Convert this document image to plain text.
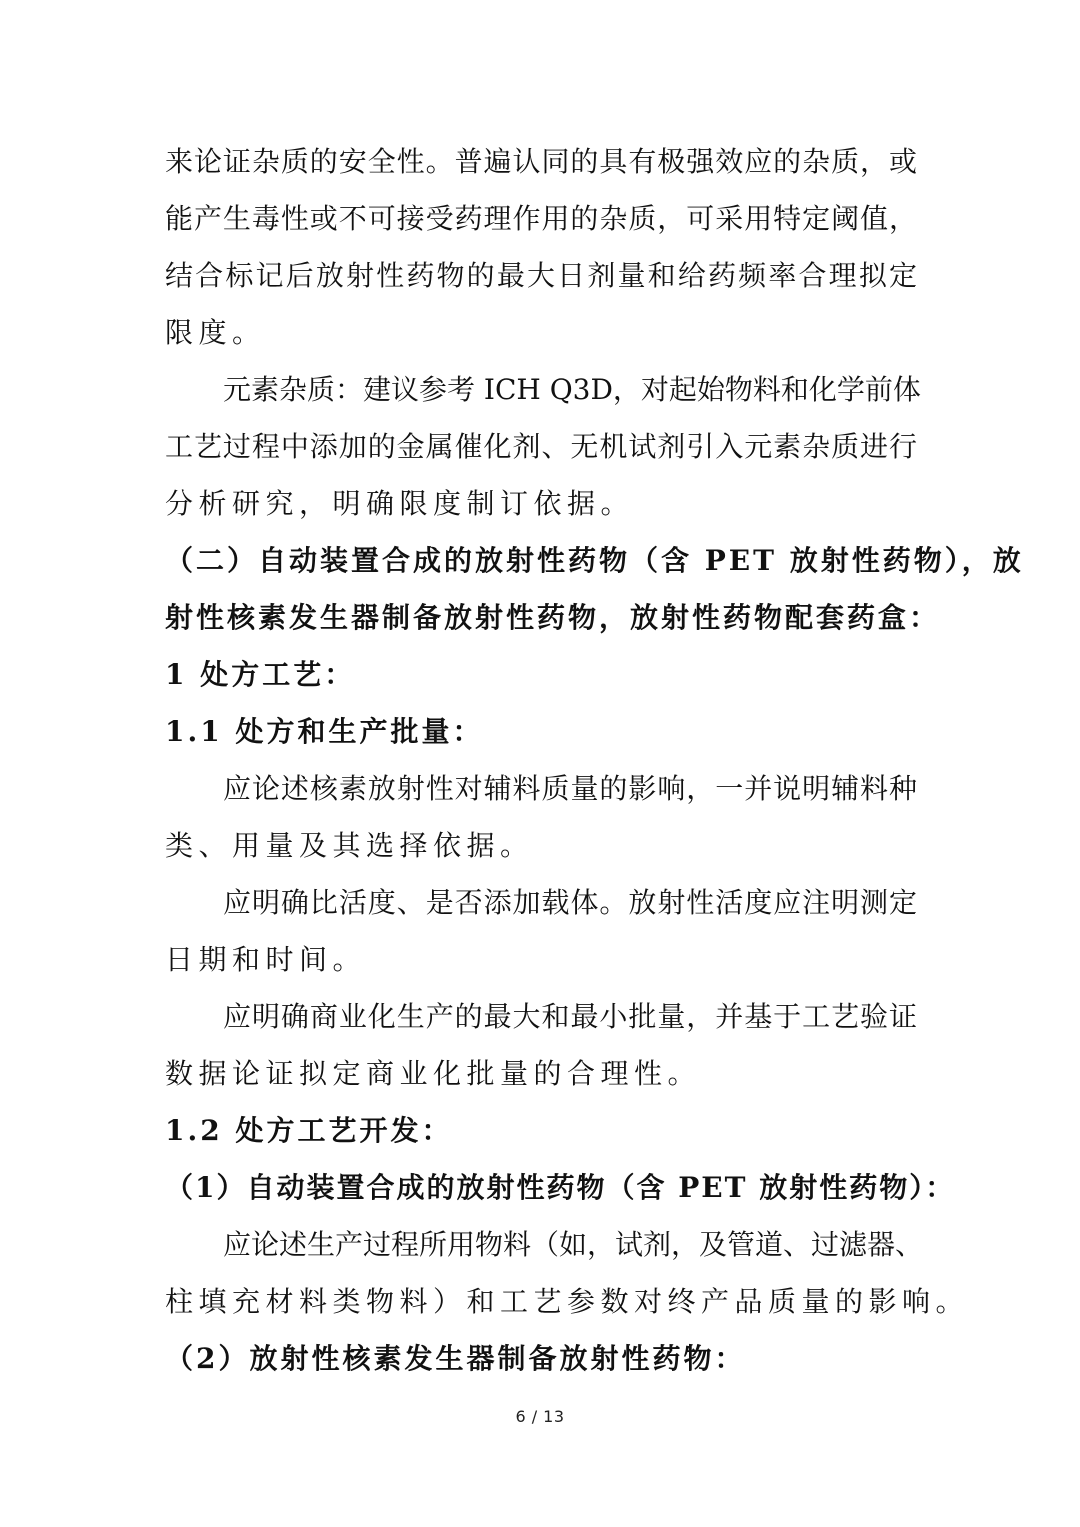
来论证杂质的安全性。普遍认同的具有极强效应的杂质，或
能产生毒性或不可接受药理作用的杂质，可采用特定阈值，
结合标记后放射性药物的最大日剂量和给药频率合理拟定
限度。
元素杂质：建议参考 ICH Q3D，对起始物料和化学前体
工艺过程中添加的金属催化剂、无机试剂引入元素杂质进行
分析研究，明确限度制订依据。
（二）自动装置合成的放射性药物（含 PET 放射性药物），放
射性核素发生器制备放射性药物，放射性药物配套药盒：
1 处方工艺：
1.1 处方和生产批量：
应论述核素放射性对辅料质量的影响，一并说明辅料种
类、用量及其选择依据。
应明确比活度、是否添加载体。放射性活度应注明测定
日期和时间。
应明确商业化生产的最大和最小批量，并基于工艺验证
数据论证拟定商业化批量的合理性。
1.2 处方工艺开发：
（1）自动装置合成的放射性药物（含 PET 放射性药物）：
应论述生产过程所用物料（如，试剂，及管道、过滤器、
柱填充材料类物料）和工艺参数对终产品质量的影响。
（2）放射性核素发生器制备放射性药物：
6 / 13
